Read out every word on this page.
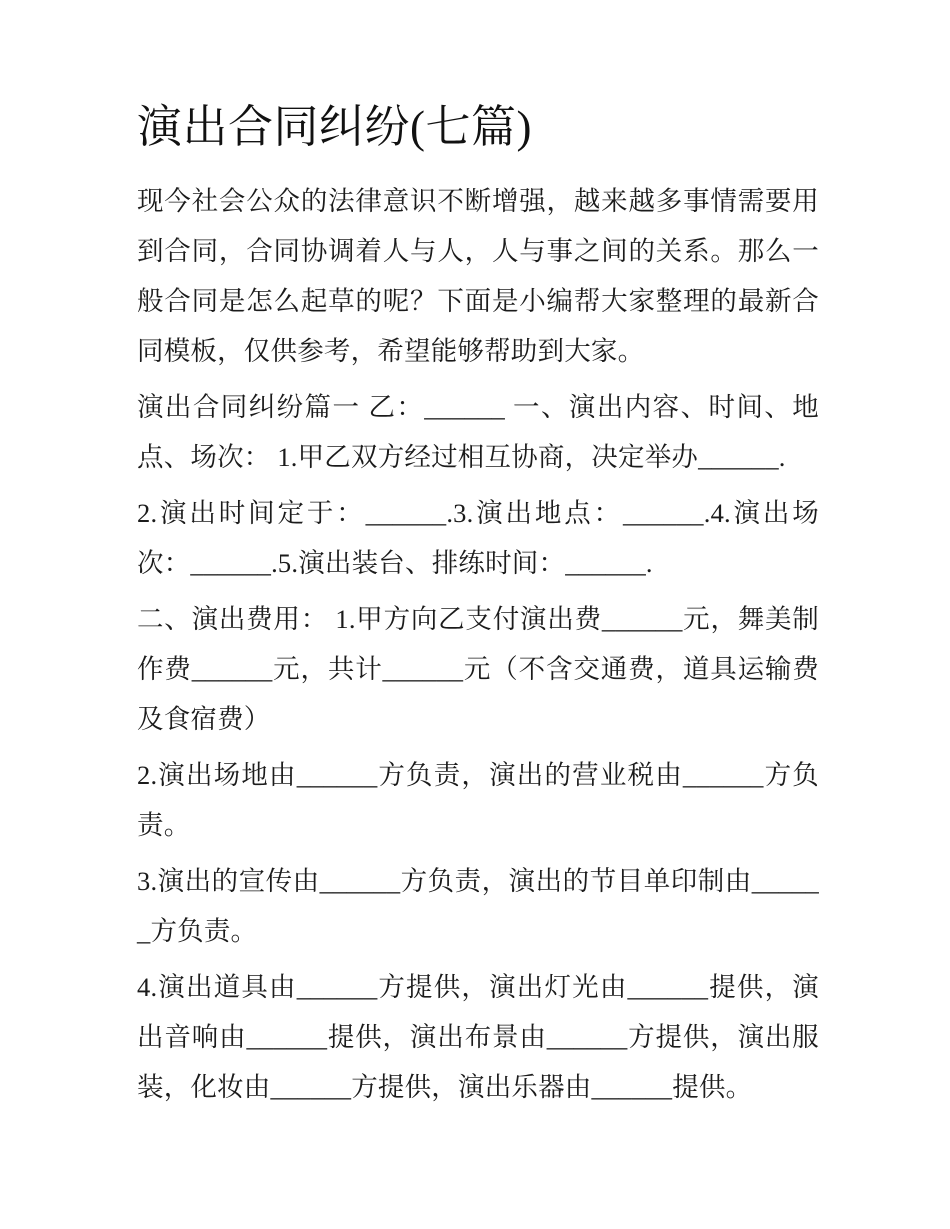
演出合同纠纷(七篇)

现今社会公众的法律意识不断增强，越来越多事情需要用到合同，合同协调着人与人，人与事之间的关系。那么一般合同是怎么起草的呢？下面是小编帮大家整理的最新合同模板，仅供参考，希望能够帮助到大家。

演出合同纠纷篇一 乙：______ 一、演出内容、时间、地点、场次： 1.甲乙双方经过相互协商，决定举办______.

2.演出时间定于：______.3.演出地点：______.4.演出场次：______.5.演出装台、排练时间：______.

二、演出费用： 1.甲方向乙支付演出费______元，舞美制作费______元，共计______元（不含交通费，道具运输费及食宿费）

2.演出场地由______方负责，演出的营业税由______方负责。

3.演出的宣传由______方负责，演出的节目单印制由______方负责。

4.演出道具由______方提供，演出灯光由______提供，演出音响由______提供，演出布景由______方提供，演出服装，化妆由______方提供，演出乐器由______提供。
